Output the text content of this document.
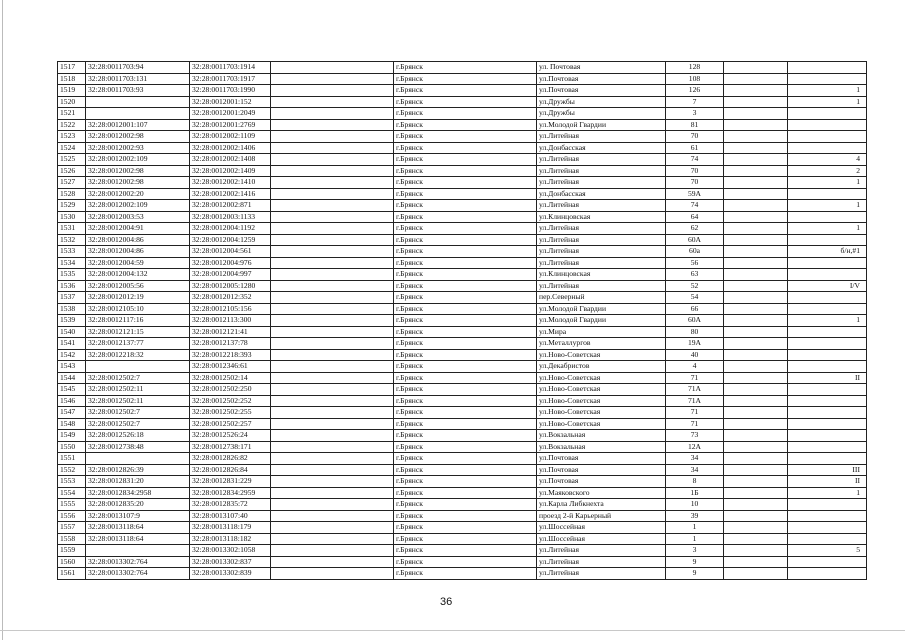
1517	32:28:0011703:94	32:28:0011703:1914		г.Брянск	ул. Почтовая	128		
1518	32:28:0011703:131	32:28:0011703:1917		г.Брянск	ул.Почтовая	108		
1519	32:28:0011703:93	32:28:0011703:1990		г.Брянск	ул.Почтовая	126		1
1520		32:28:0012001:152		г.Брянск	ул.Дружбы	7		1
1521		32:28:0012001:2049		г.Брянск	ул.Дружбы	3		
1522	32:28:0012001:107	32:28:0012001:2769		г.Брянск	ул.Молодой Гвардии	81		
1523	32:28:0012002:98	32:28:0012002:1109		г.Брянск	ул.Литейная	70		
1524	32:28:0012002:93	32:28:0012002:1406		г.Брянск	ул.Донбасская	61		
1525	32:28:0012002:109	32:28:0012002:1408		г.Брянск	ул.Литейная	74		4
1526	32:28:0012002:98	32:28:0012002:1409		г.Брянск	ул.Литейная	70		2
1527	32:28:0012002:98	32:28:0012002:1410		г.Брянск	ул.Литейная	70		1
1528	32:28:0012002:20	32:28:0012002:1416		г.Брянск	ул.Донбасская	59А		
1529	32:28:0012002:109	32:28:0012002:871		г.Брянск	ул.Литейная	74		1
1530	32:28:0012003:53	32:28:0012003:1133		г.Брянск	ул.Клинцовская	64		
1531	32:28:0012004:91	32:28:0012004:1192		г.Брянск	ул.Литейная	62		1
1532	32:28:0012004:86	32:28:0012004:1259		г.Брянск	ул.Литейная	60А		
1533	32:28:0012004:86	32:28:0012004:561		г.Брянск	ул.Литейная	60а		б/н,#1
1534	32:28:0012004:59	32:28:0012004:976		г.Брянск	ул.Литейная	56		
1535	32:28:0012004:132	32:28:0012004:997		г.Брянск	ул.Клинцовская	63		
1536	32:28:0012005:56	32:28:0012005:1280		г.Брянск	ул.Литейная	52		I/V
1537	32:28:0012012:19	32:28:0012012:352		г.Брянск	пер.Северный	54		
1538	32:28:0012105:10	32:28:0012105:156		г.Брянск	ул.Молодой Гвардии	66		
1539	32:28:0012117:16	32:28:0012113:300		г.Брянск	ул.Молодой Гвардии	60А		1
1540	32:28:0012121:15	32:28:0012121:41		г.Брянск	ул.Мира	80		
1541	32:28:0012137:77	32:28:0012137:78		г.Брянск	ул.Металлургов	19А		
1542	32:28:0012218:32	32:28:0012218:393		г.Брянск	ул.Ново-Советская	40		
1543		32:28:0012346:61		г.Брянск	ул.Декабристов	4		
1544	32:28:0012502:7	32:28:0012502:14		г.Брянск	ул.Ново-Советская	71		II
1545	32:28:0012502:11	32:28:0012502:250		г.Брянск	ул.Ново-Советская	71А		
1546	32:28:0012502:11	32:28:0012502:252		г.Брянск	ул.Ново-Советская	71А		
1547	32:28:0012502:7	32:28:0012502:255		г.Брянск	ул.Ново-Советская	71		
1548	32:28:0012502:7	32:28:0012502:257		г.Брянск	ул.Ново-Советская	71		
1549	32:28:0012526:18	32:28:0012526:24		г.Брянск	ул.Вокзальная	73		
1550	32:28:0012738:48	32:28:0012738:171		г.Брянск	ул.Вокзальная	12А		
1551		32:28:0012826:82		г.Брянск	ул.Почтовая	34		
1552	32:28:0012826:39	32:28:0012826:84		г.Брянск	ул.Почтовая	34		III
1553	32:28:0012831:20	32:28:0012831:229		г.Брянск	ул.Почтовая	8		II
1554	32:28:0012834:2958	32:28:0012834:2959		г.Брянск	ул.Маяковского	1Б		1
1555	32:28:0012835:20	32:28:0012835:72		г.Брянск	ул.Карла Либкнехта	10		
1556	32:28:0013107:9	32:28:0013107:40		г.Брянск	проезд 2-й Карьерный	39		
1557	32:28:0013118:64	32:28:0013118:179		г.Брянск	ул.Шоссейная	1		
1558	32:28:0013118:64	32:28:0013118:182		г.Брянск	ул.Шоссейная	1		
1559		32:28:0013302:1058		г.Брянск	ул.Литейная	3		5
1560	32:28:0013302:764	32:28:0013302:837		г.Брянск	ул.Литейная	9		
1561	32:28:0013302:764	32:28:0013302:839		г.Брянск	ул.Литейная	9		
36
